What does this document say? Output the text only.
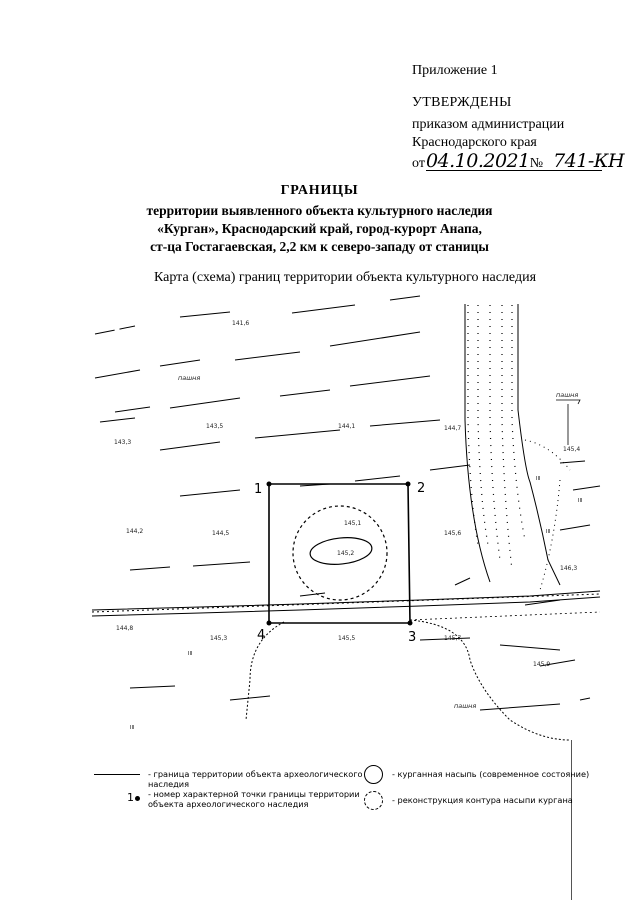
Приложение 1
УТВЕРЖДЕНЫ
приказом администрации
Краснодарского края
от04.10.2021№ 741-КН
ГРАНИЦЫ
территории выявленного объекта культурного наследия
«Курган», Краснодарский край, город-курорт Анапа,
ст-ца Гостагаевская, 2,2 км к северо-западу от станицы
Карта (схема) границ территории объекта культурного наследия
1	2
3
4
141,6
143,3
143,5	144,1	144,7
145,4
144,2	144,5
145,1
145,2
145,6
146,3
144,8
145,3	145,5	145,7
145,9
пашня
пашня
пашня
III
III
III
III
III
- граница территории объекта археологического наследия
1	- номер характерной точки границы территории объекта археологического наследия
- курганная насыпь (современное состояние)
- реконструкция контура насыпи кургана
